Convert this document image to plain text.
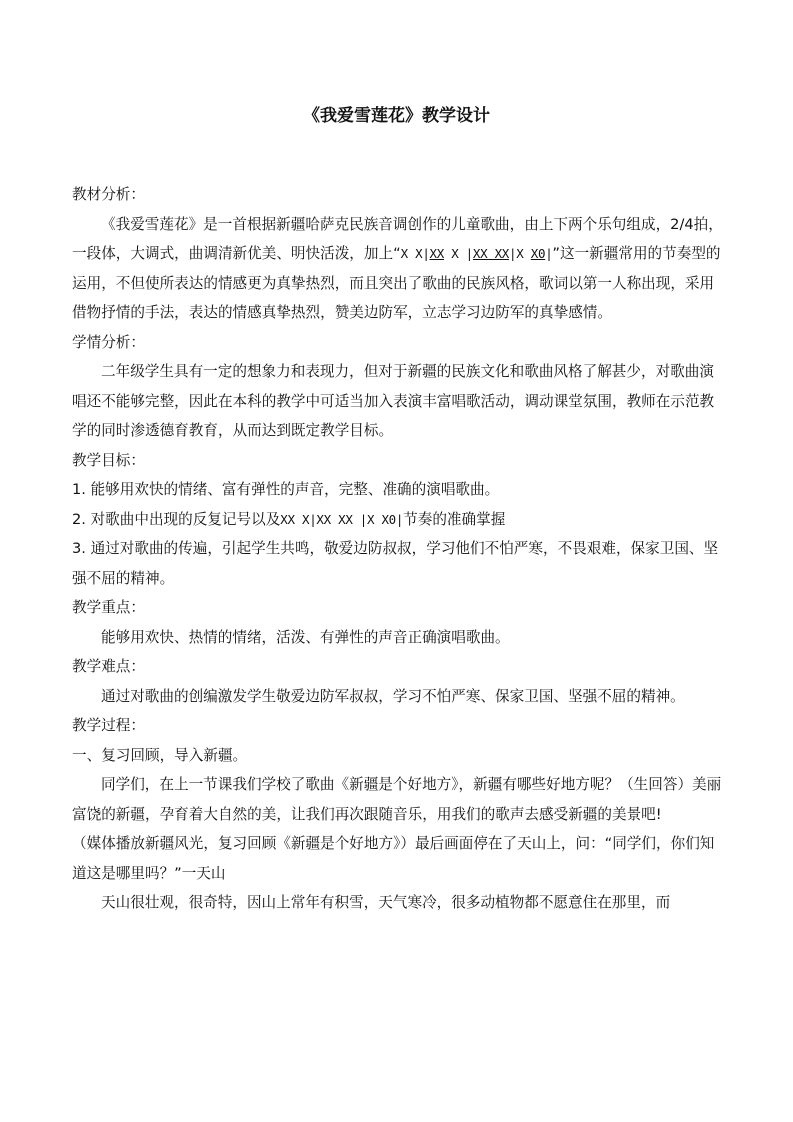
《我爱雪莲花》教学设计

教材分析：

《我爱雪莲花》是一首根据新疆哈萨克民族音调创作的儿童歌曲，由上下两个乐句组成，2/4拍，一段体，大调式，曲调清新优美、明快活泼，加上“X X|XX X |XX XX|X X0|”这一新疆常用的节奏型的运用，不但使所表达的情感更为真挚热烈，而且突出了歌曲的民族风格，歌词以第一人称出现，采用借物抒情的手法，表达的情感真挚热烈，赞美边防军，立志学习边防军的真挚感情。

学情分析：

二年级学生具有一定的想象力和表现力，但对于新疆的民族文化和歌曲风格了解甚少，对歌曲演唱还不能够完整，因此在本科的教学中可适当加入表演丰富唱歌活动，调动课堂氛围，教师在示范教学的同时渗透德育教育，从而达到既定教学目标。

教学目标：

1. 能够用欢快的情绪、富有弹性的声音，完整、准确的演唱歌曲。

2. 对歌曲中出现的反复记号以及XX X|XX XX |X X0|节奏的准确掌握

3. 通过对歌曲的传遍，引起学生共鸣，敬爱边防叔叔，学习他们不怕严寒，不畏艰难，保家卫国、坚强不屈的精神。

教学重点：

能够用欢快、热情的情绪，活泼、有弹性的声音正确演唱歌曲。

教学难点：

通过对歌曲的创编激发学生敬爱边防军叔叔，学习不怕严寒、保家卫国、坚强不屈的精神。

教学过程：

一、复习回顾，导入新疆。

同学们，在上一节课我们学校了歌曲《新疆是个好地方》，新疆有哪些好地方呢？（生回答）美丽富饶的新疆，孕育着大自然的美，让我们再次跟随音乐，用我们的歌声去感受新疆的美景吧!

（媒体播放新疆风光，复习回顾《新疆是个好地方》）最后画面停在了天山上，问：“同学们，你们知道这是哪里吗？”一天山

天山很壮观，很奇特，因山上常年有积雪，天气寒冷，很多动植物都不愿意住在那里，而
